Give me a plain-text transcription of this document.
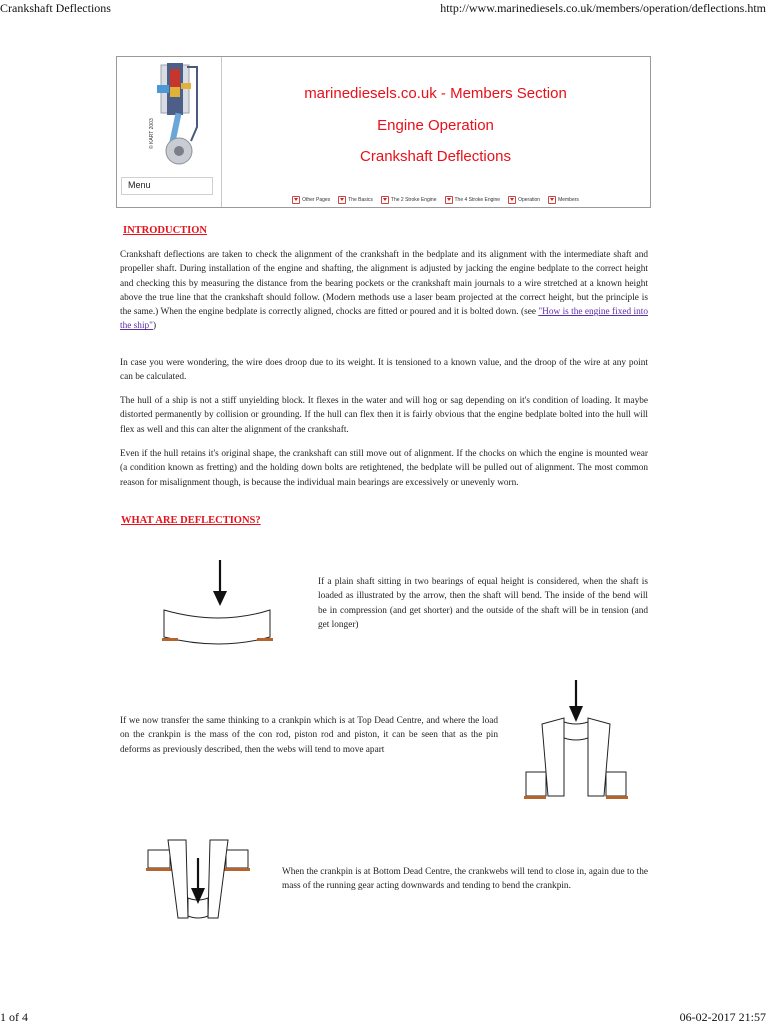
Crankshaft Deflections	http://www.marinediesels.co.uk/members/operation/deflections.htm
© KART 2003
Menu
marinediesels.co.uk - Members Section
Engine Operation
Crankshaft Deflections
Other Pages	The Basics	The 2 Stroke Engine	The 4 Stroke Engine	Operation	Members
INTRODUCTION

Crankshaft deflections are taken to check the alignment of the crankshaft in the bedplate and its alignment with the intermediate shaft and propeller shaft. During installation of the engine and shafting, the alignment is adjusted by jacking the engine bedplate to the correct height and checking this by measuring the distance from the bearing pockets or the crankshaft main journals to a wire stretched at a known height above the true line that the crankshaft should follow. (Modern methods use a laser beam projected at the correct height, but the principle is the same.) When the engine bedplate is correctly aligned, chocks are fitted or poured and it is bolted down. (see "How is the engine fixed into the ship")

In case you were wondering, the wire does droop due to its weight. It is tensioned to a known value, and the droop of the wire at any point can be calculated.

The hull of a ship is not a stiff unyielding block. It flexes in the water and will hog or sag depending on it's condition of loading. It maybe distorted permanently by collision or grounding. If the hull can flex then it is fairly obvious that the engine bedplate bolted into the hull will flex as well and this can alter the alignment of the crankshaft.

Even if the hull retains it's original shape, the crankshaft can still move out of alignment. If the chocks on which the engine is mounted wear (a condition known as fretting) and the holding down bolts are retightened, the bedplate will be pulled out of alignment. The most common reason for misalignment though, is because the individual main bearings are excessively or unevenly worn.

WHAT ARE DEFLECTIONS?

If a plain shaft sitting in two bearings of equal height is considered, when the shaft is loaded as illustrated by the arrow, then the shaft will bend. The inside of the bend will be in compression (and get shorter) and the outside of the shaft will be in tension (and get longer)

If we now transfer the same thinking to a crankpin which is at Top Dead Centre, and where the load on the crankpin is the mass of the con rod, piston rod and piston, it can be seen that as the pin deforms as previously described, then the webs will tend to move apart

When the crankpin is at Bottom Dead Centre, the crankwebs will tend to close in, again due to the mass of the running gear acting downwards and tending to bend the crankpin.

1 of 4	06-02-2017 21:57
